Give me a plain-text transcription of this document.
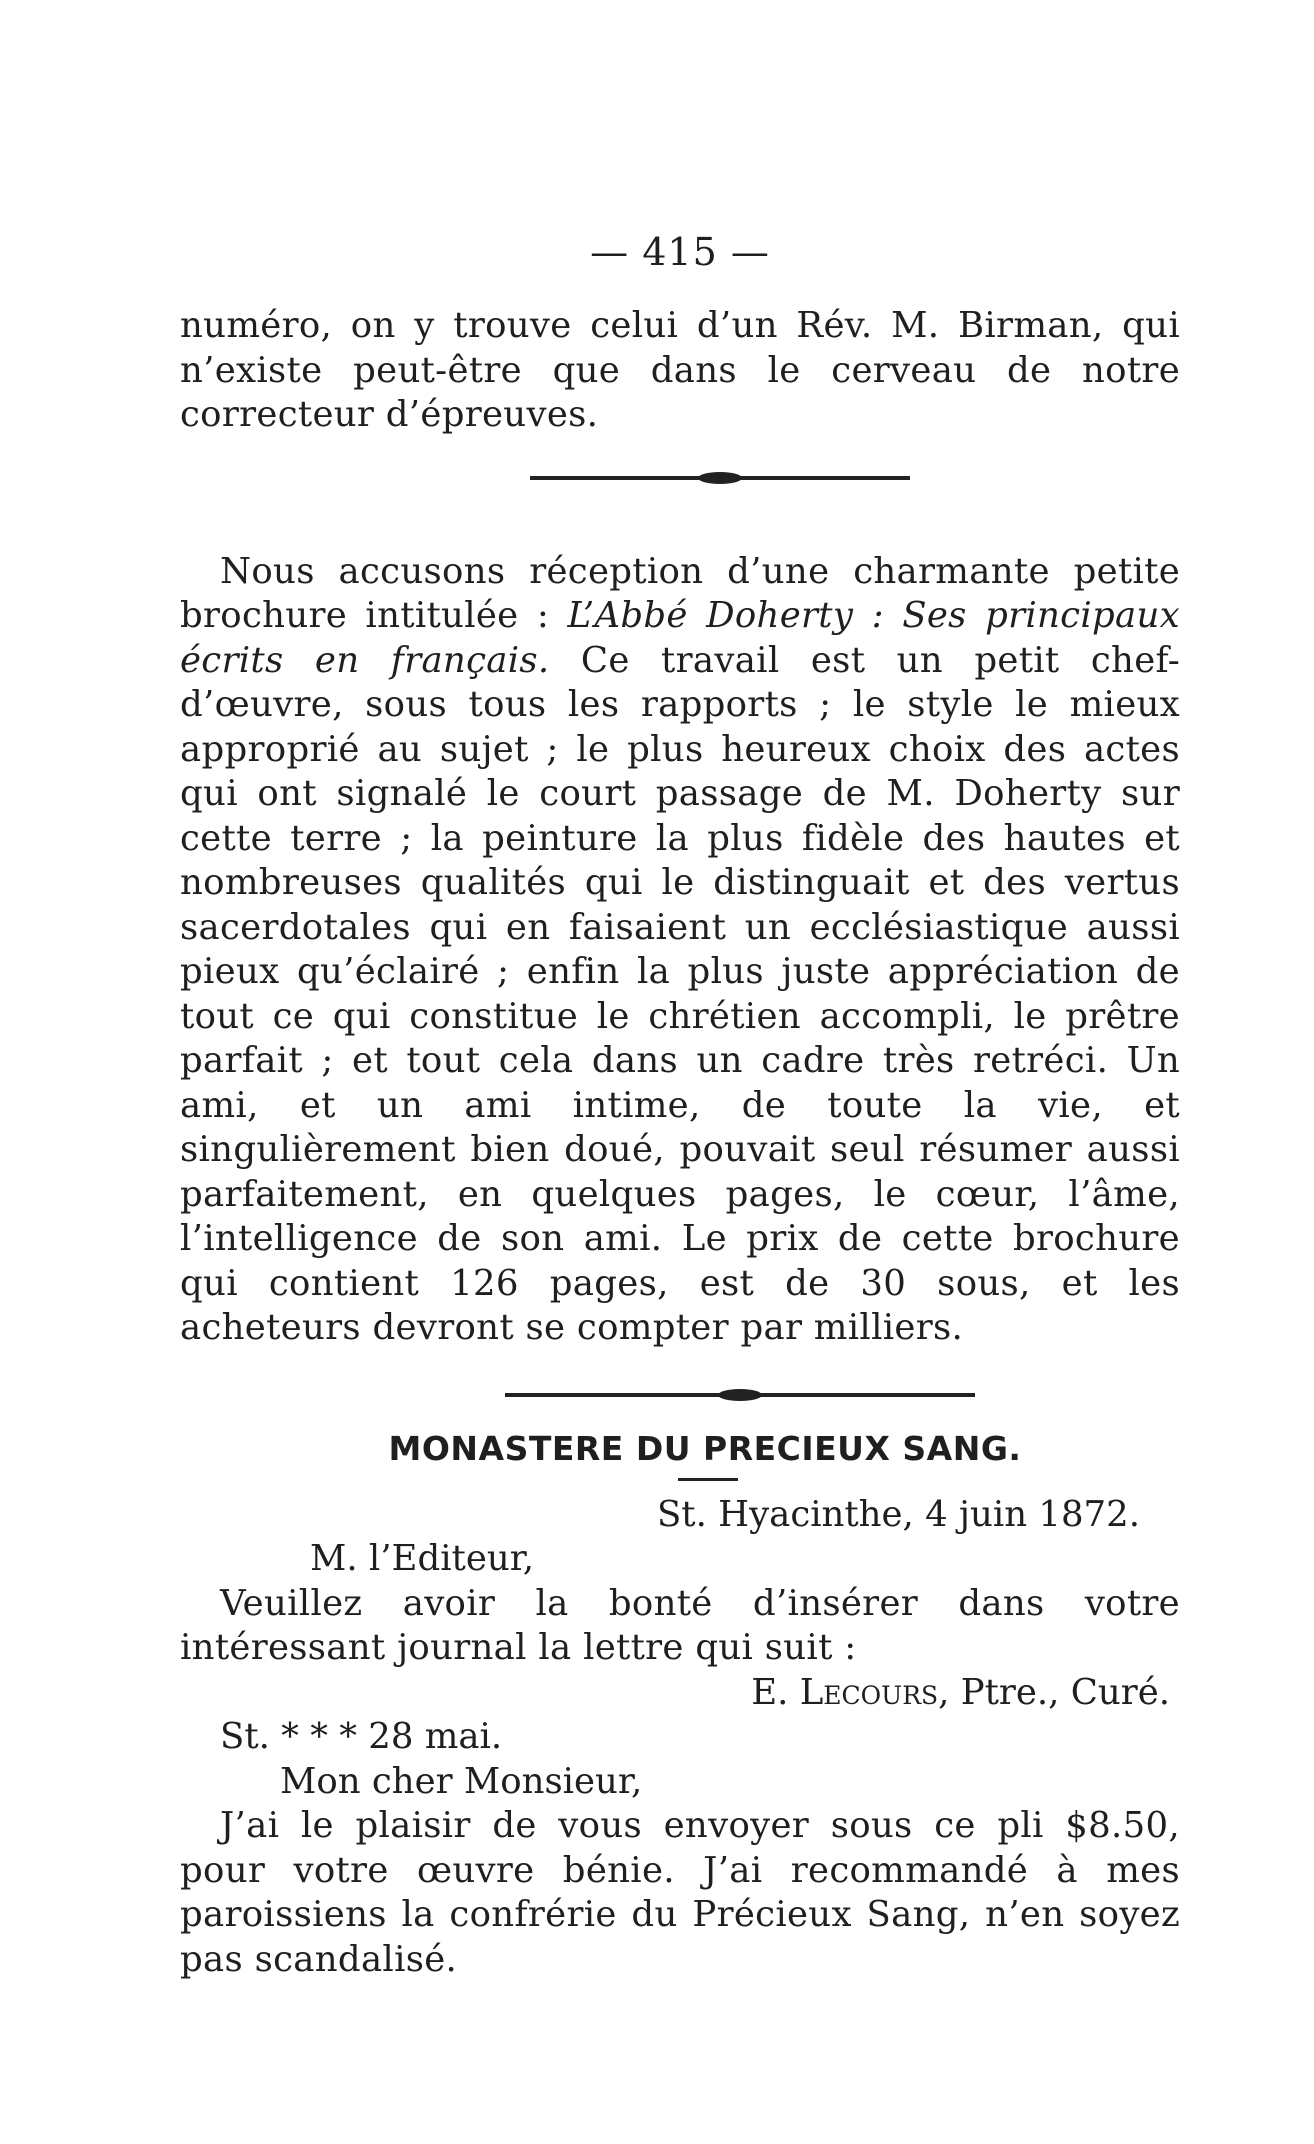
— 415 —

numéro, on y trouve celui d’un Rév. M. Birman, qui n’existe peut-être que dans le cerveau de notre correcteur d’épreuves.

Nous accusons réception d’une charmante petite brochure intitulée : L’Abbé Doherty : Ses principaux écrits en français. Ce travail est un petit chef-d’œuvre, sous tous les rapports ; le style le mieux approprié au sujet ; le plus heureux choix des actes qui ont signalé le court passage de M. Doherty sur cette terre ; la peinture la plus fidèle des hautes et nombreuses qualités qui le distinguait et des vertus sacerdotales qui en faisaient un ecclésiastique aussi pieux qu’éclairé ; enfin la plus juste appréciation de tout ce qui constitue le chrétien accompli, le prêtre parfait ; et tout cela dans un cadre très retréci. Un ami, et un ami intime, de toute la vie, et singulièrement bien doué, pouvait seul résumer aussi parfaitement, en quelques pages, le cœur, l’âme, l’intelligence de son ami. Le prix de cette brochure qui contient 126 pages, est de 30 sous, et les acheteurs devront se compter par milliers.

MONASTERE DU PRECIEUX SANG.

St. Hyacinthe, 4 juin 1872.

M. l’Editeur,

Veuillez avoir la bonté d’insérer dans votre intéressant journal la lettre qui suit :

E. Lecours, Ptre., Curé.

St. * * * 28 mai.

Mon cher Monsieur,

J’ai le plaisir de vous envoyer sous ce pli $8.50, pour votre œuvre bénie. J’ai recommandé à mes paroissiens la confrérie du Précieux Sang, n’en soyez pas scandalisé.
